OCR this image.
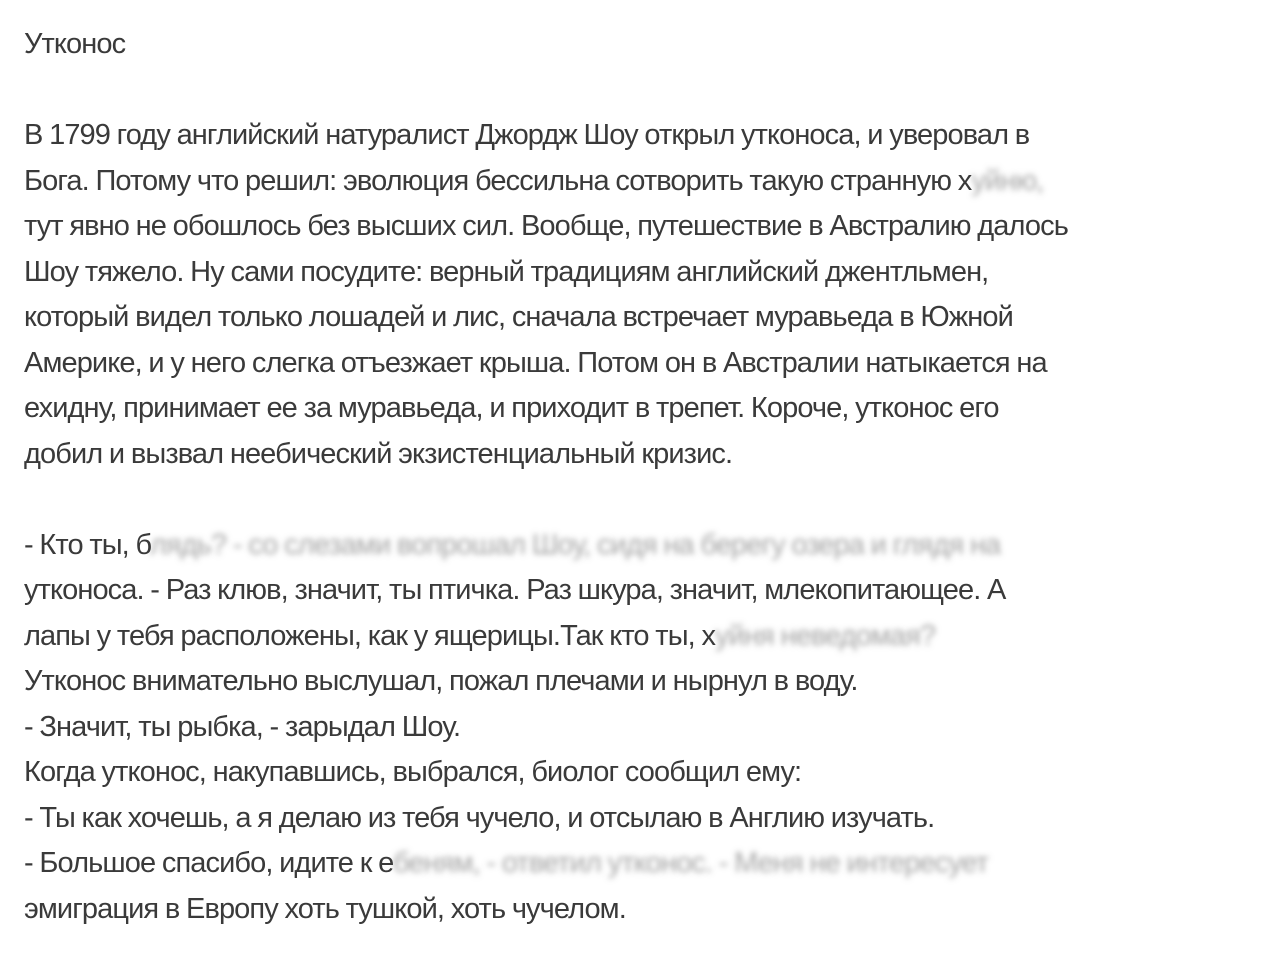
Утконос
В 1799 году английский натуралист Джордж Шоу открыл утконоса, и уверовал в
Бога. Потому что решил: эволюция бессильна сотворить такую странную хуйню,
тут явно не обошлось без высших сил. Вообще, путешествие в Австралию далось
Шоу тяжело. Ну сами посудите: верный традициям английский джентльмен,
который видел только лошадей и лис, сначала встречает муравьеда в Южной
Америке, и у него слегка отъезжает крыша. Потом он в Австралии натыкается на
ехидну, принимает ее за муравьеда, и приходит в трепет. Короче, утконос его
добил и вызвал неебический экзистенциальный кризис.
- Кто ты, блядь? - со слезами вопрошал Шоу, сидя на берегу озера и глядя на
утконоса. - Раз клюв, значит, ты птичка. Раз шкура, значит, млекопитающее. А
лапы у тебя расположены, как у ящерицы.Так кто ты, хуйня неведомая?
Утконос внимательно выслушал, пожал плечами и нырнул в воду.
- Значит, ты рыбка, - зарыдал Шоу.
Когда утконос, накупавшись, выбрался, биолог сообщил ему:
- Ты как хочешь, а я делаю из тебя чучело, и отсылаю в Англию изучать.
- Большое спасибо, идите к ебеням, - ответил утконос. - Меня не интересует
эмиграция в Европу хоть тушкой, хоть чучелом.
